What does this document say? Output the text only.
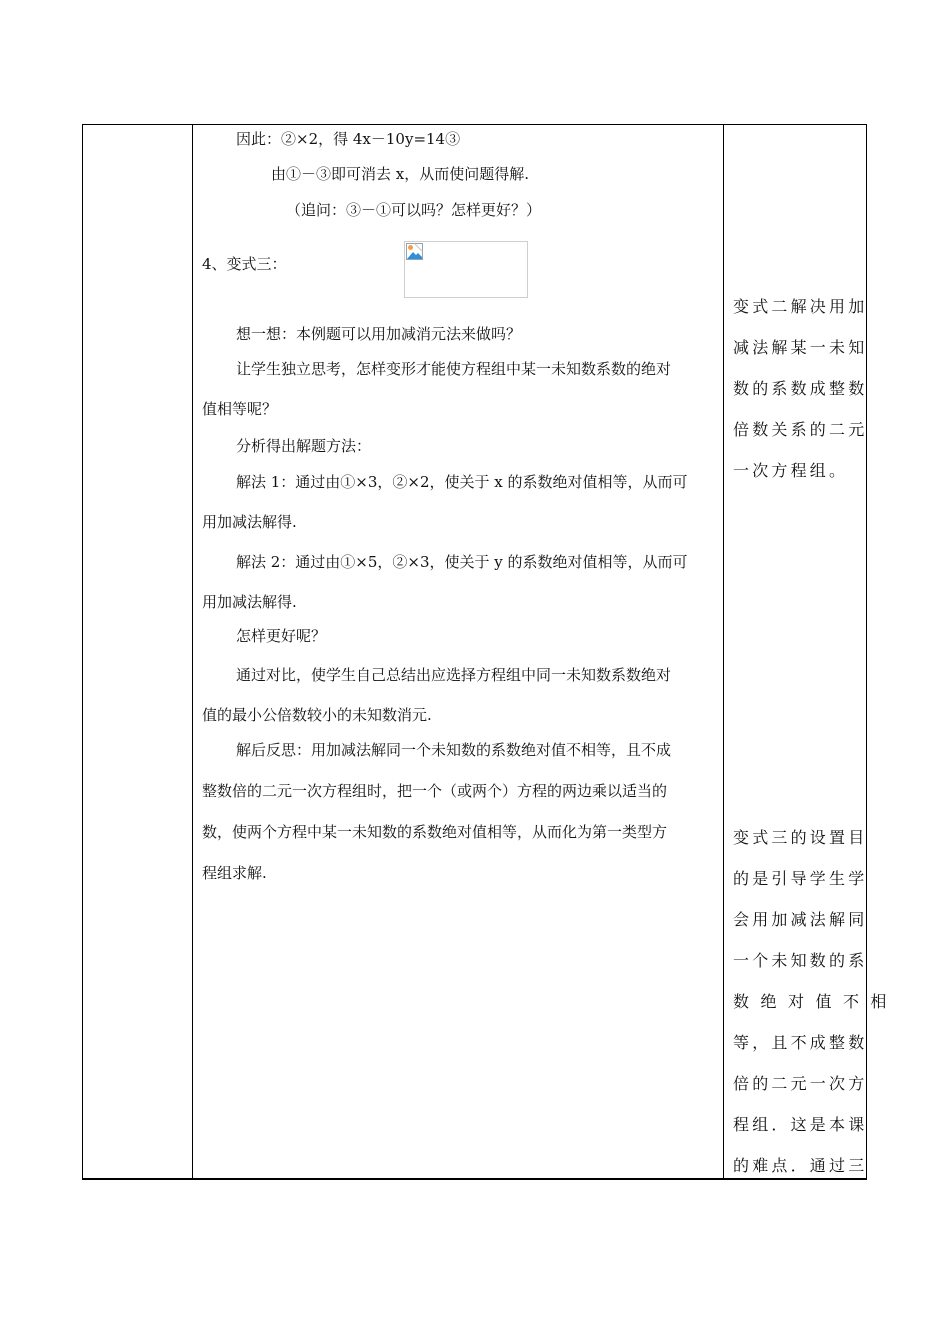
因此：②×2，得 4x－10y=14③
由①－③即可消去 x，从而使问题得解.
（追问：③－①可以吗？怎样更好？）
4、变式三：
想一想：本例题可以用加减消元法来做吗？
让学生独立思考，怎样变形才能使方程组中某一未知数系数的绝对
值相等呢？
分析得出解题方法：
解法 1：通过由①×3，②×2，使关于 x 的系数绝对值相等，从而可
用加减法解得.
解法 2：通过由①×5，②×3，使关于 y 的系数绝对值相等，从而可
用加减法解得.
怎样更好呢？
通过对比，使学生自己总结出应选择方程组中同一未知数系数绝对
值的最小公倍数较小的未知数消元.
解后反思：用加减法解同一个未知数的系数绝对值不相等，且不成
整数倍的二元一次方程组时，把一个（或两个）方程的两边乘以适当的
数，使两个方程中某一未知数的系数绝对值相等，从而化为第一类型方
程组求解.
变式二解决用加
减法解某一未知
数的系数成整数
倍数关系的二元
一次方程组。
变式三的设置目
的是引导学生学
会用加减法解同
一个未知数的系
数 绝 对 值 不 相
等，且不成整数
倍的二元一次方
程组．这是本课
的难点．通过三
